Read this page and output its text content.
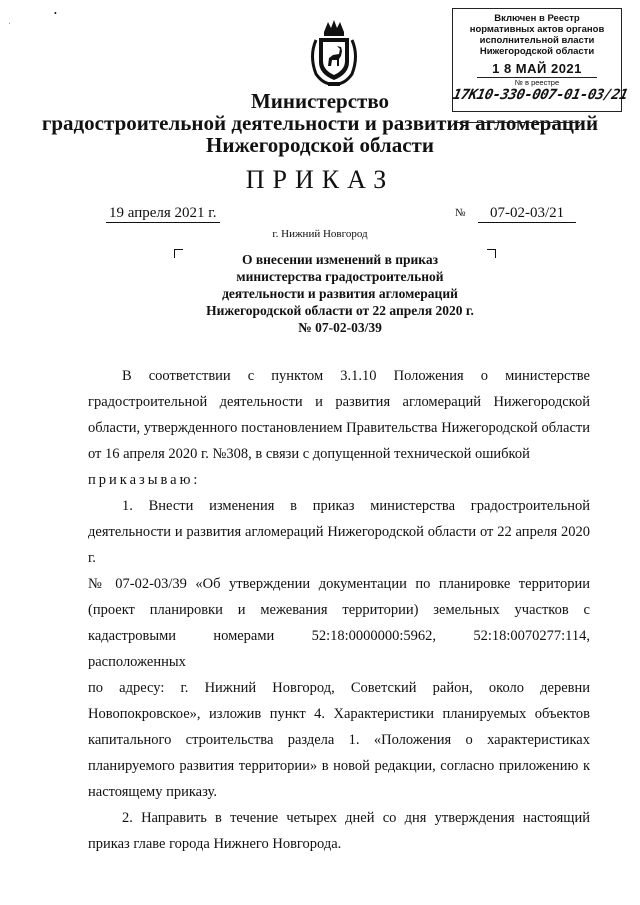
ˌ
•	Включен в Реестр
нормативных актов органов
исполнительной власти
Нижегородской области
1 8 МАЙ 2021
№ в реестре
17К10-330-007-01-03/21
Министерство
градостроительной деятельности и развития агломераций
Нижегородской области
ПРИКАЗ
19 апреля 2021 г.	№	07-02-03/21
г. Нижний Новгород
О внесении изменений в приказ
министерства градостроительной
деятельности и развития агломераций
Нижегородской области от 22 апреля 2020 г.
№ 07-02-03/39
В соответствии с пунктом 3.1.10 Положения о министерстве
градостроительной деятельности и развития агломераций Нижегородской
области, утвержденного постановлением Правительства Нижегородской области
от 16 апреля 2020 г. №308, в связи с допущенной технической ошибкой
приказываю:
1. Внести изменения в приказ министерства градостроительной
деятельности и развития агломераций Нижегородской области от 22 апреля 2020 г.
№ 07-02-03/39 «Об утверждении документации по планировке территории
(проект планировки и межевания территории) земельных участков с
кадастровыми номерами 52:18:0000000:5962, 52:18:0070277:114, расположенных
по адресу: г. Нижний Новгород, Советский район, около деревни
Новопокровское», изложив пункт 4. Характеристики планируемых объектов
капитального строительства раздела 1. «Положения о характеристиках
планируемого развития территории» в новой редакции, согласно приложению к
настоящему приказу.
2. Направить в течение четырех дней со дня утверждения настоящий
приказ главе города Нижнего Новгорода.
